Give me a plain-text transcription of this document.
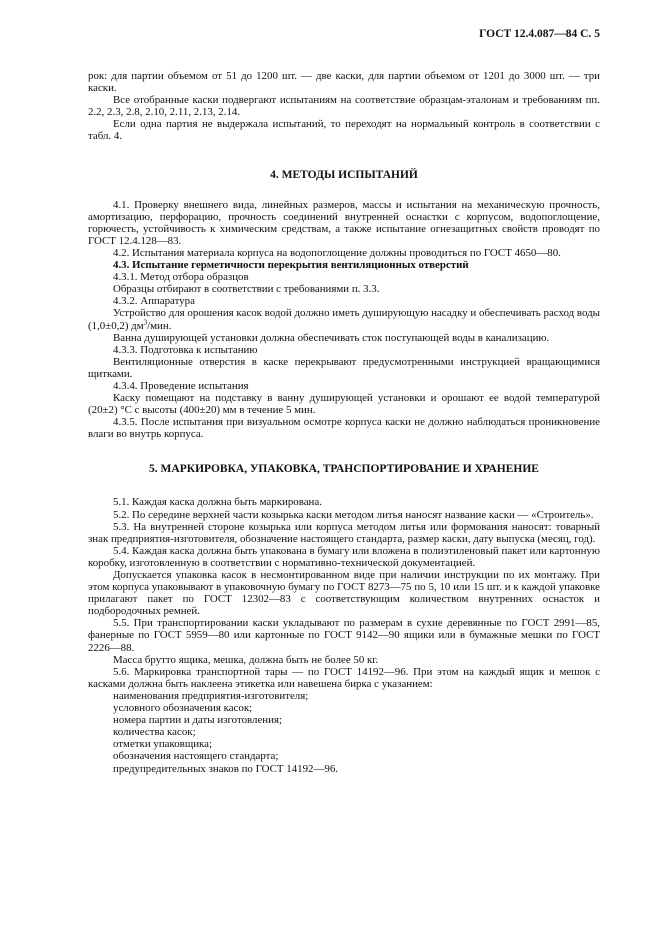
ГОСТ 12.4.087—84 С. 5

рок: для партии объемом от 51 до 1200 шт. — две каски, для партии объемом от 1201 до 3000 шт. — три каски.

Все отобранные каски подвергают испытаниям на соответствие образцам-эталонам и требованиям пп. 2.2, 2.3, 2.8, 2.10, 2.11, 2.13, 2.14.

Если одна партия не выдержала испытаний, то переходят на нормальный контроль в соответствии с табл. 4.

4. МЕТОДЫ ИСПЫТАНИЙ

4.1. Проверку внешнего вида, линейных размеров, массы и испытания на механическую прочность, амортизацию, перфорацию, прочность соединений внутренней оснастки с корпусом, водопоглощение, горючесть, устойчивость к химическим средствам, а также испытание огнезащитных свойств проводят по ГОСТ 12.4.128—83.

4.2. Испытания материала корпуса на водопоглощение должны проводиться по ГОСТ 4650—80.

4.3. Испытание герметичности перекрытия вентиляционных отверстий

4.3.1. Метод отбора образцов

Образцы отбирают в соответствии с требованиями п. 3.3.

4.3.2. Аппаратура

Устройство для орошения касок водой должно иметь душирующую насадку и обеспечивать расход воды (1,0±0,2) $дм^3$/мин.

Ванна душирующей установки должна обеспечивать сток поступающей воды в канализацию.

4.3.3. Подготовка к испытанию

Вентиляционные отверстия в каске перекрывают предусмотренными инструкцией вращающимися щитками.

4.3.4. Проведение испытания

Каску помещают на подставку в ванну душирующей установки и орошают ее водой температурой (20±2) °С с высоты (400±20) мм в течение 5 мин.

4.3.5. После испытания при визуальном осмотре корпуса каски не должно наблюдаться проникновение влаги во внутрь корпуса.

5. МАРКИРОВКА, УПАКОВКА, ТРАНСПОРТИРОВАНИЕ И ХРАНЕНИЕ

5.1. Каждая каска должна быть маркирована.

5.2. По середине верхней части козырька каски методом литья наносят название каски — «Строитель».

5.3. На внутренней стороне козырька или корпуса методом литья или формования наносят: товарный знак предприятия-изготовителя, обозначение настоящего стандарта, размер каски, дату выпуска (месяц, год).

5.4. Каждая каска должна быть упакована в бумагу или вложена в полиэтиленовый пакет или картонную коробку, изготовленную в соответствии с нормативно-технической документацией.

Допускается упаковка касок в несмонтированном виде при наличии инструкции по их монтажу. При этом корпуса упаковывают в упаковочную бумагу по ГОСТ 8273—75 по 5, 10 или 15 шт. и к каждой упаковке прилагают пакет по ГОСТ 12302—83 с соответствующим количеством внутренних оснасток и подбородочных ремней.

5.5. При транспортировании каски укладывают по размерам в сухие деревянные по ГОСТ 2991—85, фанерные по ГОСТ 5959—80 или картонные по ГОСТ 9142—90 ящики или в бумажные мешки по ГОСТ 2226—88.

Масса брутто ящика, мешка, должна быть не более 50 кг.

5.6. Маркировка транспортной тары — по ГОСТ 14192—96. При этом на каждый ящик и мешок с касками должна быть наклеена этикетка или навешена бирка с указанием:

наименования предприятия-изготовителя;

условного обозначения касок;

номера партии и даты изготовления;

количества касок;

отметки упаковщика;

обозначения настоящего стандарта;

предупредительных знаков по ГОСТ 14192—96.
